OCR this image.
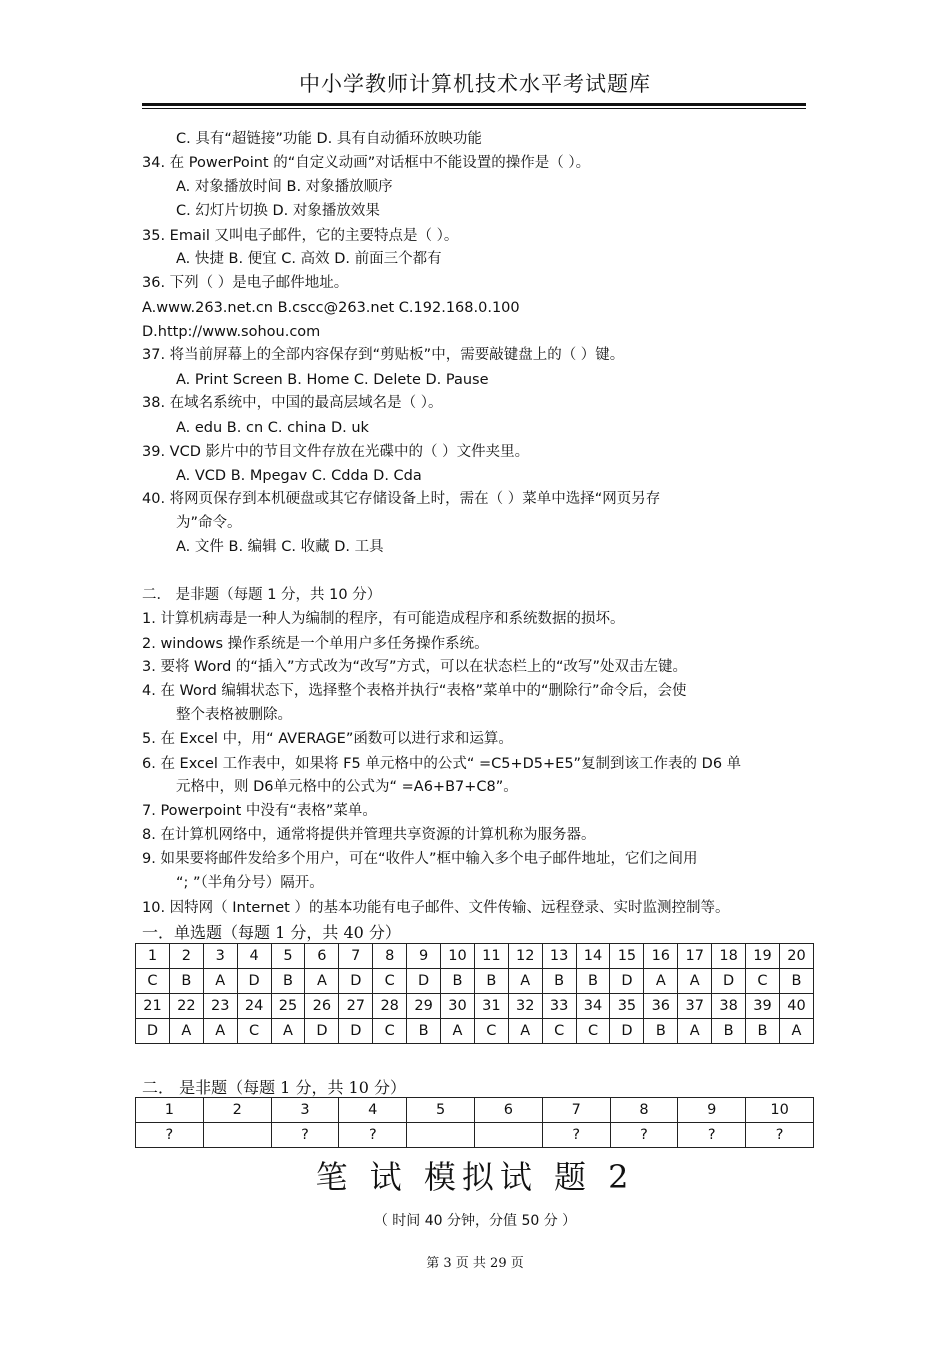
中小学教师计算机技术水平考试题库
C. 具有“超链接”功能 D. 具有自动循环放映功能
34. 在 PowerPoint 的“自定义动画”对话框中不能设置的操作是（ ）。
A. 对象播放时间 B. 对象播放顺序
C. 幻灯片切换 D. 对象播放效果
35. Email 又叫电子邮件，它的主要特点是（ ）。
A. 快捷 B. 便宜 C. 高效 D. 前面三个都有
36. 下列（ ）是电子邮件地址。
A.www.263.net.cn B.cscc@263.net C.192.168.0.100
D.http://www.sohou.com
37. 将当前屏幕上的全部内容保存到“剪贴板”中，需要敲键盘上的（ ）键。
A. Print Screen B. Home C. Delete D. Pause
38. 在域名系统中，中国的最高层域名是（ ）。
A. edu B. cn C. china D. uk
39. VCD 影片中的节目文件存放在光碟中的（ ）文件夹里。
A. VCD B. Mpegav C. Cdda D. Cda
40. 将网页保存到本机硬盘或其它存储设备上时，需在（ ）菜单中选择“网页另存
为”命令。
A. 文件 B. 编辑 C. 收藏 D. 工具
二． 是非题（每题 1 分，共 10 分）
1. 计算机病毒是一种人为编制的程序，有可能造成程序和系统数据的损坏。
2. windows 操作系统是一个单用户多任务操作系统。
3. 要将 Word 的“插入”方式改为“改写”方式，可以在状态栏上的“改写”处双击左键。
4. 在 Word 编辑状态下，选择整个表格并执行“表格”菜单中的“删除行”命令后，会使
整个表格被删除。
5. 在 Excel 中，用“ AVERAGE”函数可以进行求和运算。
6. 在 Excel 工作表中，如果将 F5 单元格中的公式“ =C5+D5+E5”复制到该工作表的 D6 单
元格中，则 D6单元格中的公式为“ =A6+B7+C8”。
7. Powerpoint 中没有“表格”菜单。
8. 在计算机网络中，通常将提供并管理共享资源的计算机称为服务器。
9. 如果要将邮件发给多个用户，可在“收件人”框中输入多个电子邮件地址，它们之间用
“; ”（半角分号）隔开。
10. 因特网（ Internet ）的基本功能有电子邮件、文件传输、远程登录、实时监测控制等。
一．单选题（每题 1 分，共 40 分）
1	2	3	4	5	6	7	8	9	10	11	12	13	14	15	16	17	18	19	20
C	B	A	D	B	A	D	C	D	B	B	A	B	B	D	A	A	D	C	B
21	22	23	24	25	26	27	28	29	30	31	32	33	34	35	36	37	38	39	40
D	A	A	C	A	D	D	C	B	A	C	A	C	C	D	B	A	B	B	A
二． 是非题（每题 1 分，共 10 分）
1	2	3	4	5	6	7	8	9	10
?		?	?			?	?	?	?
笔 试 模拟试 题 2
（ 时间 40 分钟，分值 50 分 ）
第 3 页 共 29 页
